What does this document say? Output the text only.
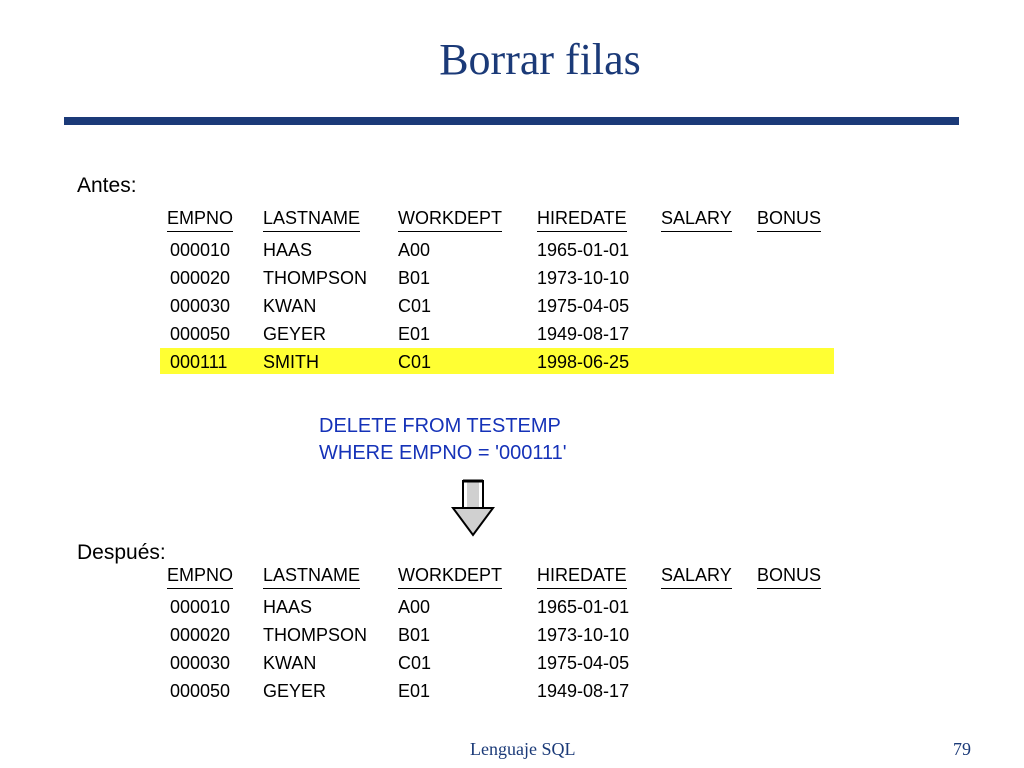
Borrar filas
Antes:
EMPNO LASTNAME WORKDEPT HIREDATE SALARY BONUS
000010 HAAS	A00	1965-01-01
000020 THOMPSON B01	1973-10-10
000030 KWAN	C01	1975-04-05
000050 GEYER	E01	1949-08-17
000111 SMITH	C01	1998-06-25
DELETE FROM TESTEMP
WHERE EMPNO = '000111'
Después:
EMPNO LASTNAME WORKDEPT HIREDATE SALARY BONUS
000010 HAAS	A00	1965-01-01
000020 THOMPSON B01	1973-10-10
000030 KWAN	C01	1975-04-05
000050 GEYER	E01	1949-08-17
Lenguaje SQL	79
